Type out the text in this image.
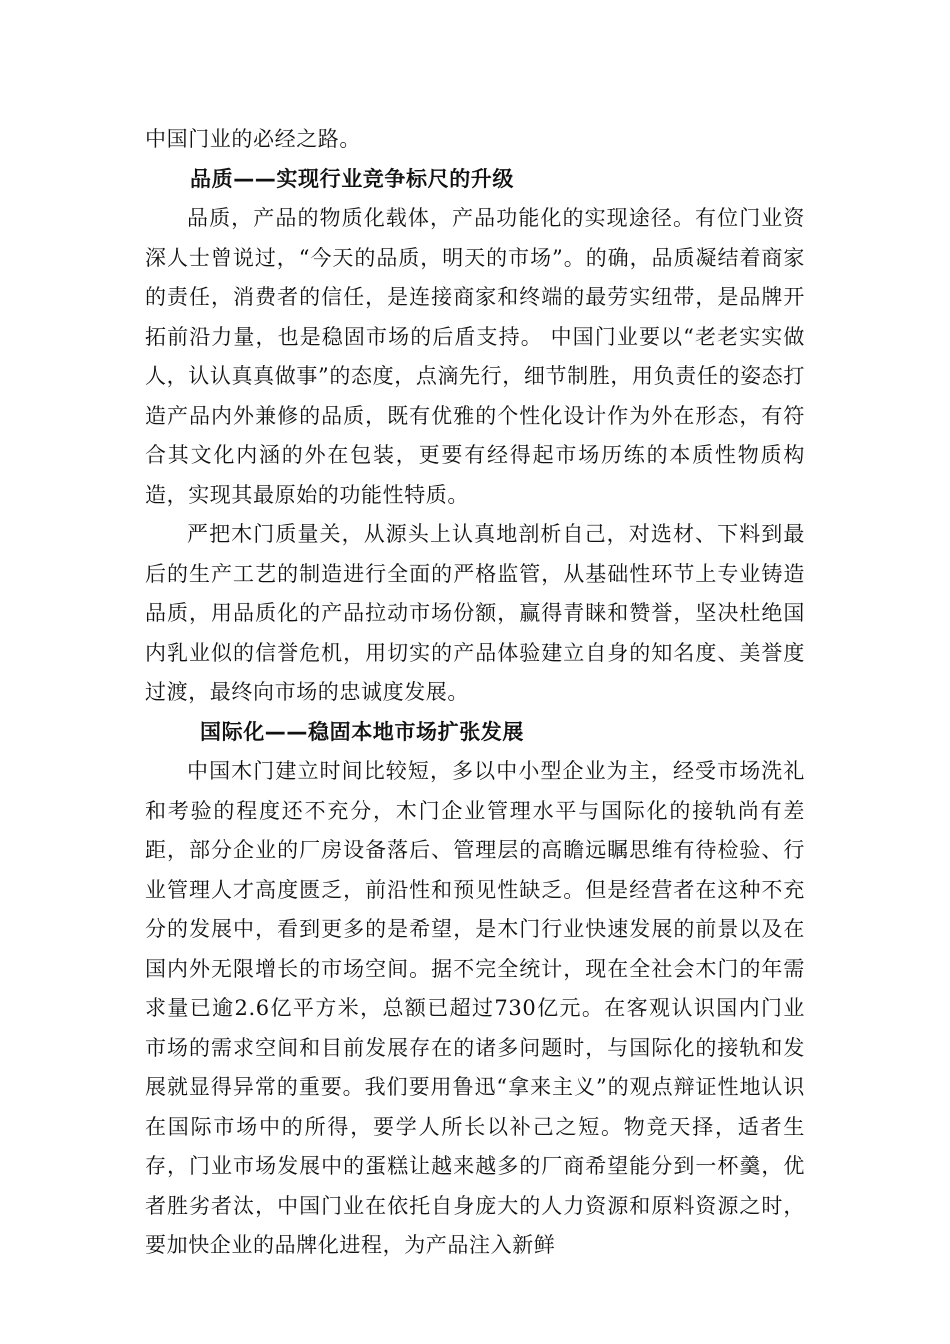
中国门业的必经之路。

品质——实现行业竞争标尺的升级

品质，产品的物质化载体，产品功能化的实现途径。有位门业资深人士曾说过，“今天的品质，明天的市场”。的确，品质凝结着商家的责任，消费者的信任，是连接商家和终端的最劳实纽带，是品牌开拓前沿力量，也是稳固市场的后盾支持。 中国门业要以“老老实实做人，认认真真做事”的态度，点滴先行，细节制胜，用负责任的姿态打造产品内外兼修的品质，既有优雅的个性化设计作为外在形态，有符合其文化内涵的外在包装，更要有经得起市场历练的本质性物质构造，实现其最原始的功能性特质。

严把木门质量关，从源头上认真地剖析自己，对选材、下料到最后的生产工艺的制造进行全面的严格监管，从基础性环节上专业铸造品质，用品质化的产品拉动市场份额，赢得青睐和赞誉，坚决杜绝国内乳业似的信誉危机，用切实的产品体验建立自身的知名度、美誉度过渡，最终向市场的忠诚度发展。

国际化——稳固本地市场扩张发展

中国木门建立时间比较短，多以中小型企业为主，经受市场洗礼和考验的程度还不充分，木门企业管理水平与国际化的接轨尚有差距，部分企业的厂房设备落后、管理层的高瞻远瞩思维有待检验、行业管理人才高度匮乏，前沿性和预见性缺乏。但是经营者在这种不充分的发展中，看到更多的是希望，是木门行业快速发展的前景以及在国内外无限增长的市场空间。据不完全统计，现在全社会木门的年需求量已逾2.6亿平方米，总额已超过730亿元。在客观认识国内门业市场的需求空间和目前发展存在的诸多问题时，与国际化的接轨和发展就显得异常的重要。我们要用鲁迅“拿来主义”的观点辩证性地认识在国际市场中的所得，要学人所长以补己之短。物竞天择，适者生存，门业市场发展中的蛋糕让越来越多的厂商希望能分到一杯羹，优者胜劣者汰，中国门业在依托自身庞大的人力资源和原料资源之时，要加快企业的品牌化进程，为产品注入新鲜
